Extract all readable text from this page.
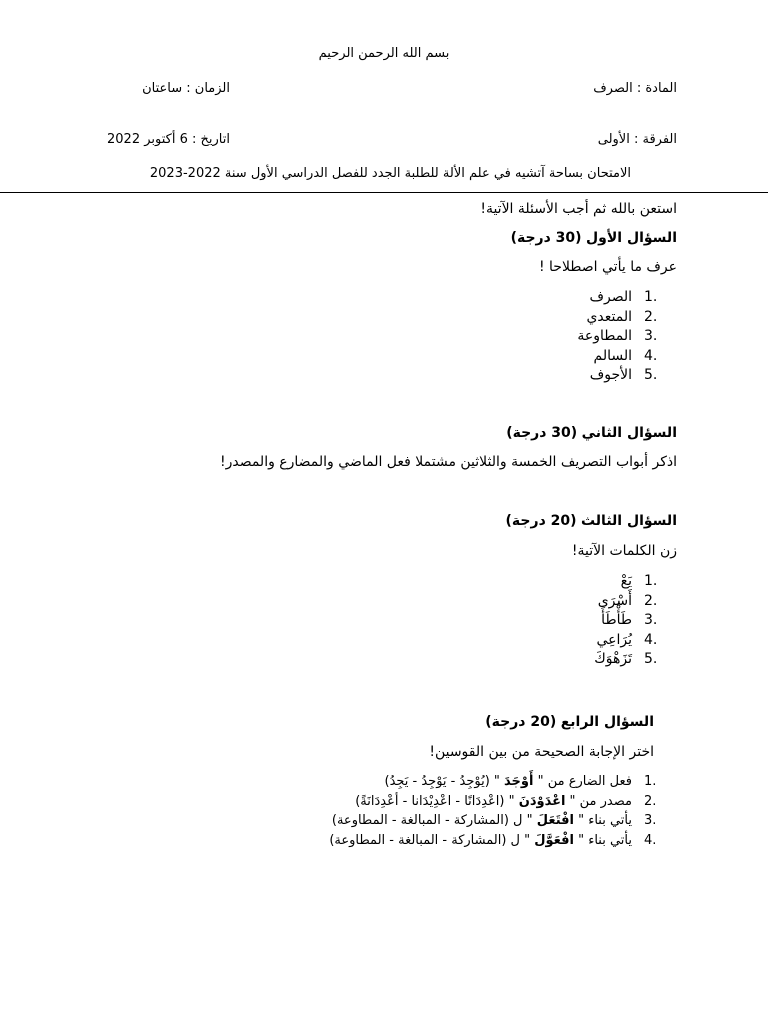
بسم الله الرحمن الرحيم
المادة : الصرف
الزمان : ساعتان
الفرقة : الأولى
اتاريخ : 6 أكتوبر 2022
الامتحان بساحة آتشيه في علم الألة للطلبة الجدد للفصل الدراسي الأول سنة 2022-2023
استعن بالله ثم أجب الأسئلة الآتية!
السؤال الأول (30 درجة)
عرف ما يأتي اصطلاحا !
1.
الصرف
2.
المتعدي
3.
المطاوعة
4.
السالم
5.
الأجوف
السؤال الثاني (30 درجة)
اذكر أبواب التصريف الخمسة والثلاثين مشتملا فعل الماضي والمضارع والمصدر!
السؤال الثالث (20 درجة)
زن الكلمات الآتية!
1.
يَعْ
2.
أَسْرَى
3.
طَأْطَأَ
4.
يُرَاعِي
5.
تَزَهْوَكَ
السؤال الرابع (20 درجة)
اختر الإجابة الصحيحة من بين القوسين!
1.
فعل الضارع من " أَوْجَدَ " (يُوْجِدُ - يَوْجِدُ - يَجِدُ)
2.
مصدر من " اعْدَوْدَنَ " (اعْدِدَانًا - اعْدِيْدَانا - أعْدِدَانَةً)
3.
يأتي بناء " افْتَعَلَ " ل (المشاركة - المبالغة - المطاوعة)
4.
يأتي بناء " افْعَوَّلَ " ل (المشاركة - المبالغة - المطاوعة)
